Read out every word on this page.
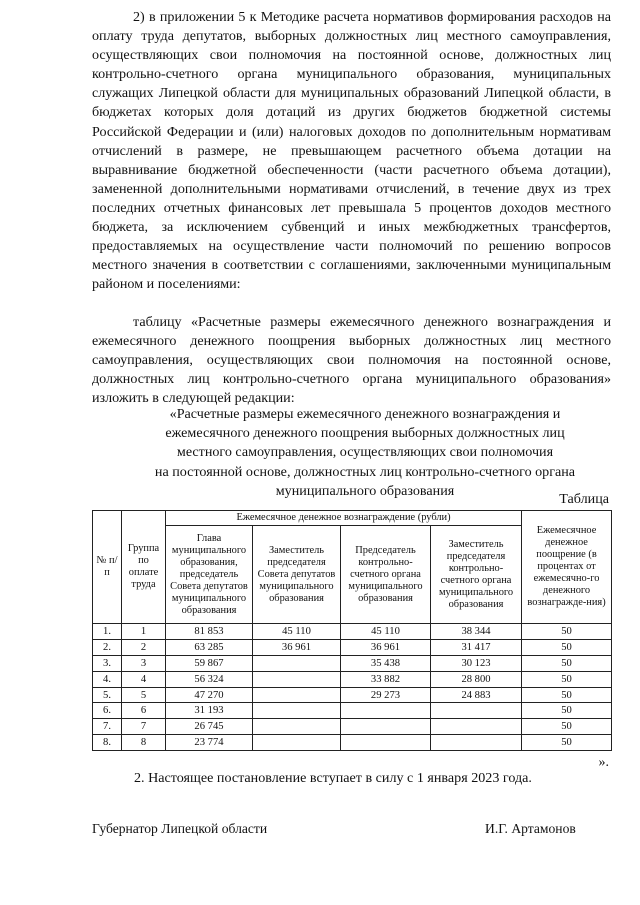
2) в приложении 5 к Методике расчета нормативов формирования расходов на оплату труда депутатов, выборных должностных лиц местного самоуправления, осуществляющих свои полномочия на постоянной основе, должностных лиц контрольно-счетного органа муниципального образования, муниципальных служащих Липецкой области для муниципальных образований Липецкой области, в бюджетах которых доля дотаций из других бюджетов бюджетной системы Российской Федерации и (или) налоговых доходов по дополнительным нормативам отчислений в размере, не превышающем расчетного объема дотации на выравнивание бюджетной обеспеченности (части расчетного объема дотации), замененной дополнительными нормативами отчислений, в течение двух из трех последних отчетных финансовых лет превышала 5 процентов доходов местного бюджета, за исключением субвенций и иных межбюджетных трансфертов, предоставляемых на осуществление части полномочий по решению вопросов местного значения в соответствии с соглашениями, заключенными муниципальным районом и поселениями:

таблицу «Расчетные размеры ежемесячного денежного вознаграждения и ежемесячного денежного поощрения выборных должностных лиц местного самоуправления, осуществляющих свои полномочия на постоянной основе, должностных лиц контрольно-счетного органа муниципального образования» изложить в следующей редакции:

«Расчетные размеры ежемесячного денежного вознаграждения и
ежемесячного денежного поощрения выборных должностных лиц
местного самоуправления, осуществляющих свои полномочия
на постоянной основе, должностных лиц контрольно-счетного органа
муниципального образования
Таблица
№ п/п	Группа по оплате труда	Ежемесячное денежное вознаграждение (рубли)				Ежемесячное денежное поощрение (в процентах от ежемесячно-го денежного вознагражде-ния)
		Глава муниципального образования, председатель Совета депутатов муниципального образования	Заместитель председателя Совета депутатов муниципального образования	Председатель контрольно-счетного органа муниципального образования	Заместитель председателя контрольно-счетного органа муниципального образования	
1.	1	81 853	45 110	45 110	38 344	50
2.	2	63 285	36 961	36 961	31 417	50
3.	3	59 867		35 438	30 123	50
4.	4	56 324		33 882	28 800	50
5.	5	47 270		29 273	24 883	50
6.	6	31 193				50
7.	7	26 745				50
8.	8	23 774				50
».
2. Настоящее постановление вступает в силу с 1 января 2023 года.
Губернатор Липецкой области	И.Г. Артамонов
